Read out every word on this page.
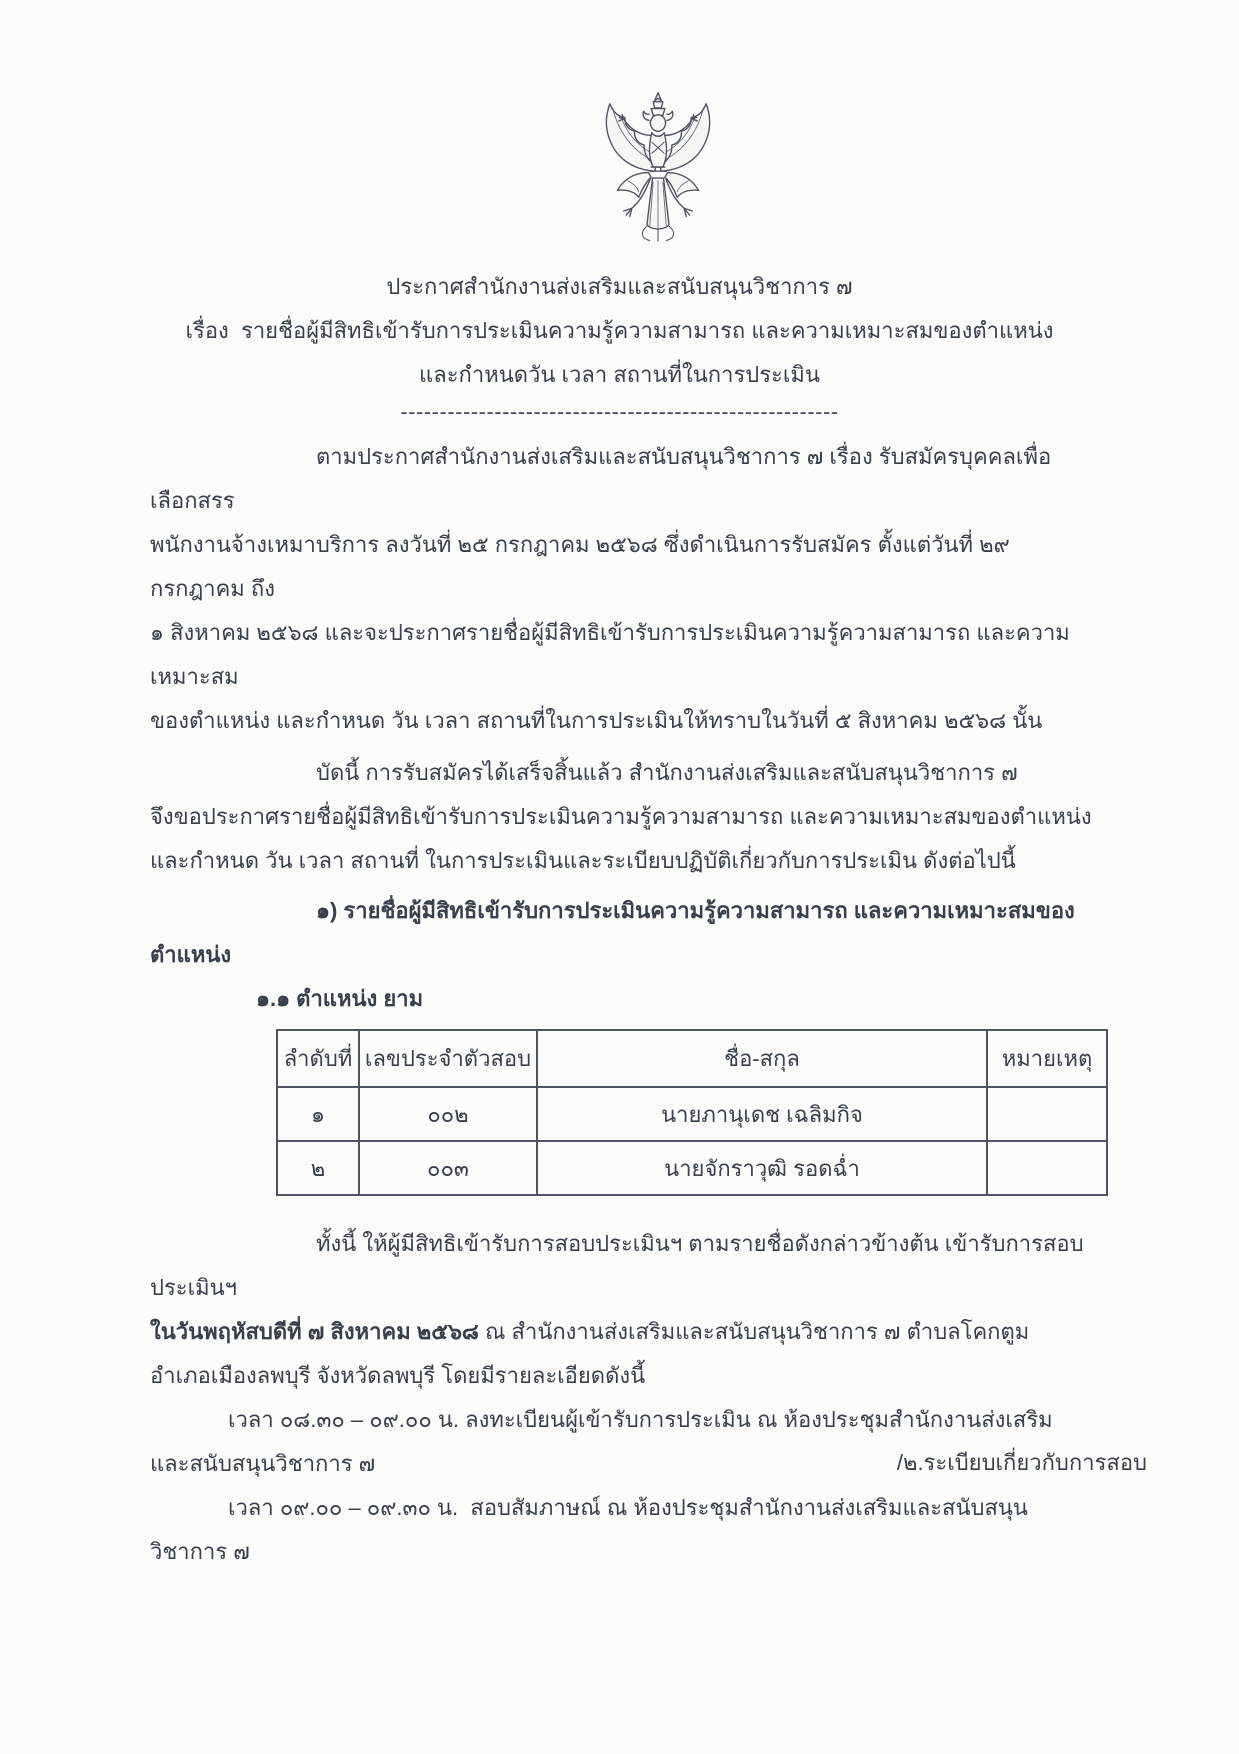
ประกาศสำนักงานส่งเสริมและสนับสนุนวิชาการ ๗
เรื่อง  รายชื่อผู้มีสิทธิเข้ารับการประเมินความรู้ความสามารถ และความเหมาะสมของตำแหน่ง
และกำหนดวัน เวลา สถานที่ในการประเมิน
--------------------------------------------------------
ตามประกาศสำนักงานส่งเสริมและสนับสนุนวิชาการ ๗ เรื่อง รับสมัครบุคคลเพื่อเลือกสรร
พนักงานจ้างเหมาบริการ ลงวันที่ ๒๕ กรกฎาคม ๒๕๖๘ ซึ่งดำเนินการรับสมัคร ตั้งแต่วันที่ ๒๙ กรกฎาคม ถึง
๑ สิงหาคม ๒๕๖๘ และจะประกาศรายชื่อผู้มีสิทธิเข้ารับการประเมินความรู้ความสามารถ และความเหมาะสม
ของตำแหน่ง และกำหนด วัน เวลา สถานที่ในการประเมินให้ทราบในวันที่ ๕ สิงหาคม ๒๕๖๘ นั้น
บัดนี้ การรับสมัครได้เสร็จสิ้นแล้ว สำนักงานส่งเสริมและสนับสนุนวิชาการ ๗
จึงขอประกาศรายชื่อผู้มีสิทธิเข้ารับการประเมินความรู้ความสามารถ และความเหมาะสมของตำแหน่ง
และกำหนด วัน เวลา สถานที่ ในการประเมินและระเบียบปฏิบัติเกี่ยวกับการประเมิน ดังต่อไปนี้
๑) รายชื่อผู้มีสิทธิเข้ารับการประเมินความรู้ความสามารถ และความเหมาะสมของตำแหน่ง
๑.๑ ตำแหน่ง ยาม
ลำดับที่	เลขประจำตัวสอบ	ชื่อ-สกุล	หมายเหตุ
๑	๐๐๒	นายภานุเดช เฉลิมกิจ	
๒	๐๐๓	นายจักราวุฒิ รอดฉ่ำ	
ทั้งนี้ ให้ผู้มีสิทธิเข้ารับการสอบประเมินฯ ตามรายชื่อดังกล่าวข้างต้น เข้ารับการสอบประเมินฯ
ในวันพฤหัสบดีที่ ๗ สิงหาคม ๒๕๖๘ ณ สำนักงานส่งเสริมและสนับสนุนวิชาการ ๗ ตำบลโคกตูม
อำเภอเมืองลพบุรี จังหวัดลพบุรี โดยมีรายละเอียดดังนี้
เวลา ๐๘.๓๐ – ๐๙.๐๐ น. ลงทะเบียนผู้เข้ารับการประเมิน ณ ห้องประชุมสำนักงานส่งเสริม
และสนับสนุนวิชาการ ๗
เวลา ๐๙.๐๐ – ๐๙.๓๐ น.  สอบสัมภาษณ์ ณ ห้องประชุมสำนักงานส่งเสริมและสนับสนุนวิชาการ ๗
/๒.ระเบียบเกี่ยวกับการสอบ
